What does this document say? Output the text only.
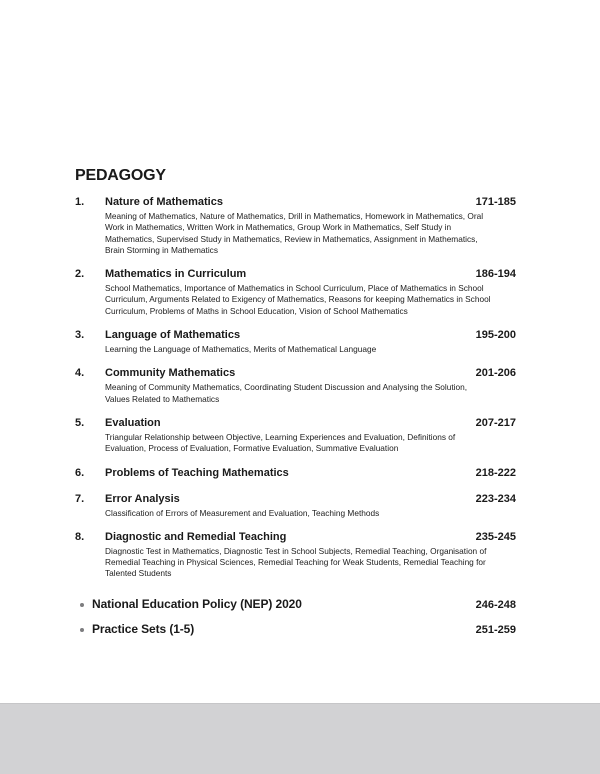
PEDAGOGY
1.	Nature of Mathematics	171-185
Meaning of Mathematics, Nature of Mathematics, Drill in Mathematics, Homework in Mathematics, Oral Work in Mathematics, Written Work in Mathematics, Group Work in Mathematics, Self Study in Mathematics, Supervised Study in Mathematics, Review in Mathematics, Assignment in Mathematics, Brain Storming in Mathematics
2.	Mathematics in Curriculum	186-194
School Mathematics, Importance of Mathematics in School Curriculum, Place of Mathematics in School Curriculum, Arguments Related to Exigency of Mathematics, Reasons for keeping Mathematics in School Curriculum, Problems of Maths in School Education, Vision of School Mathematics
3.	Language of Mathematics	195-200
Learning the Language of Mathematics, Merits of Mathematical Language
4.	Community Mathematics	201-206
Meaning of Community Mathematics, Coordinating Student Discussion and Analysing the Solution, Values Related to Mathematics
5.	Evaluation	207-217
Triangular Relationship between Objective, Learning Experiences and Evaluation, Definitions of Evaluation, Process of Evaluation, Formative Evaluation, Summative Evaluation
6.	Problems of Teaching Mathematics	218-222
7.	Error Analysis	223-234
Classification of Errors of Measurement and Evaluation, Teaching Methods
8.	Diagnostic and Remedial Teaching	235-245
Diagnostic Test in Mathematics, Diagnostic Test in School Subjects, Remedial Teaching, Organisation of Remedial Teaching in Physical Sciences, Remedial Teaching for Weak Students, Remedial Teaching for Talented Students
National Education Policy (NEP) 2020	246-248
Practice Sets (1-5)	251-259
